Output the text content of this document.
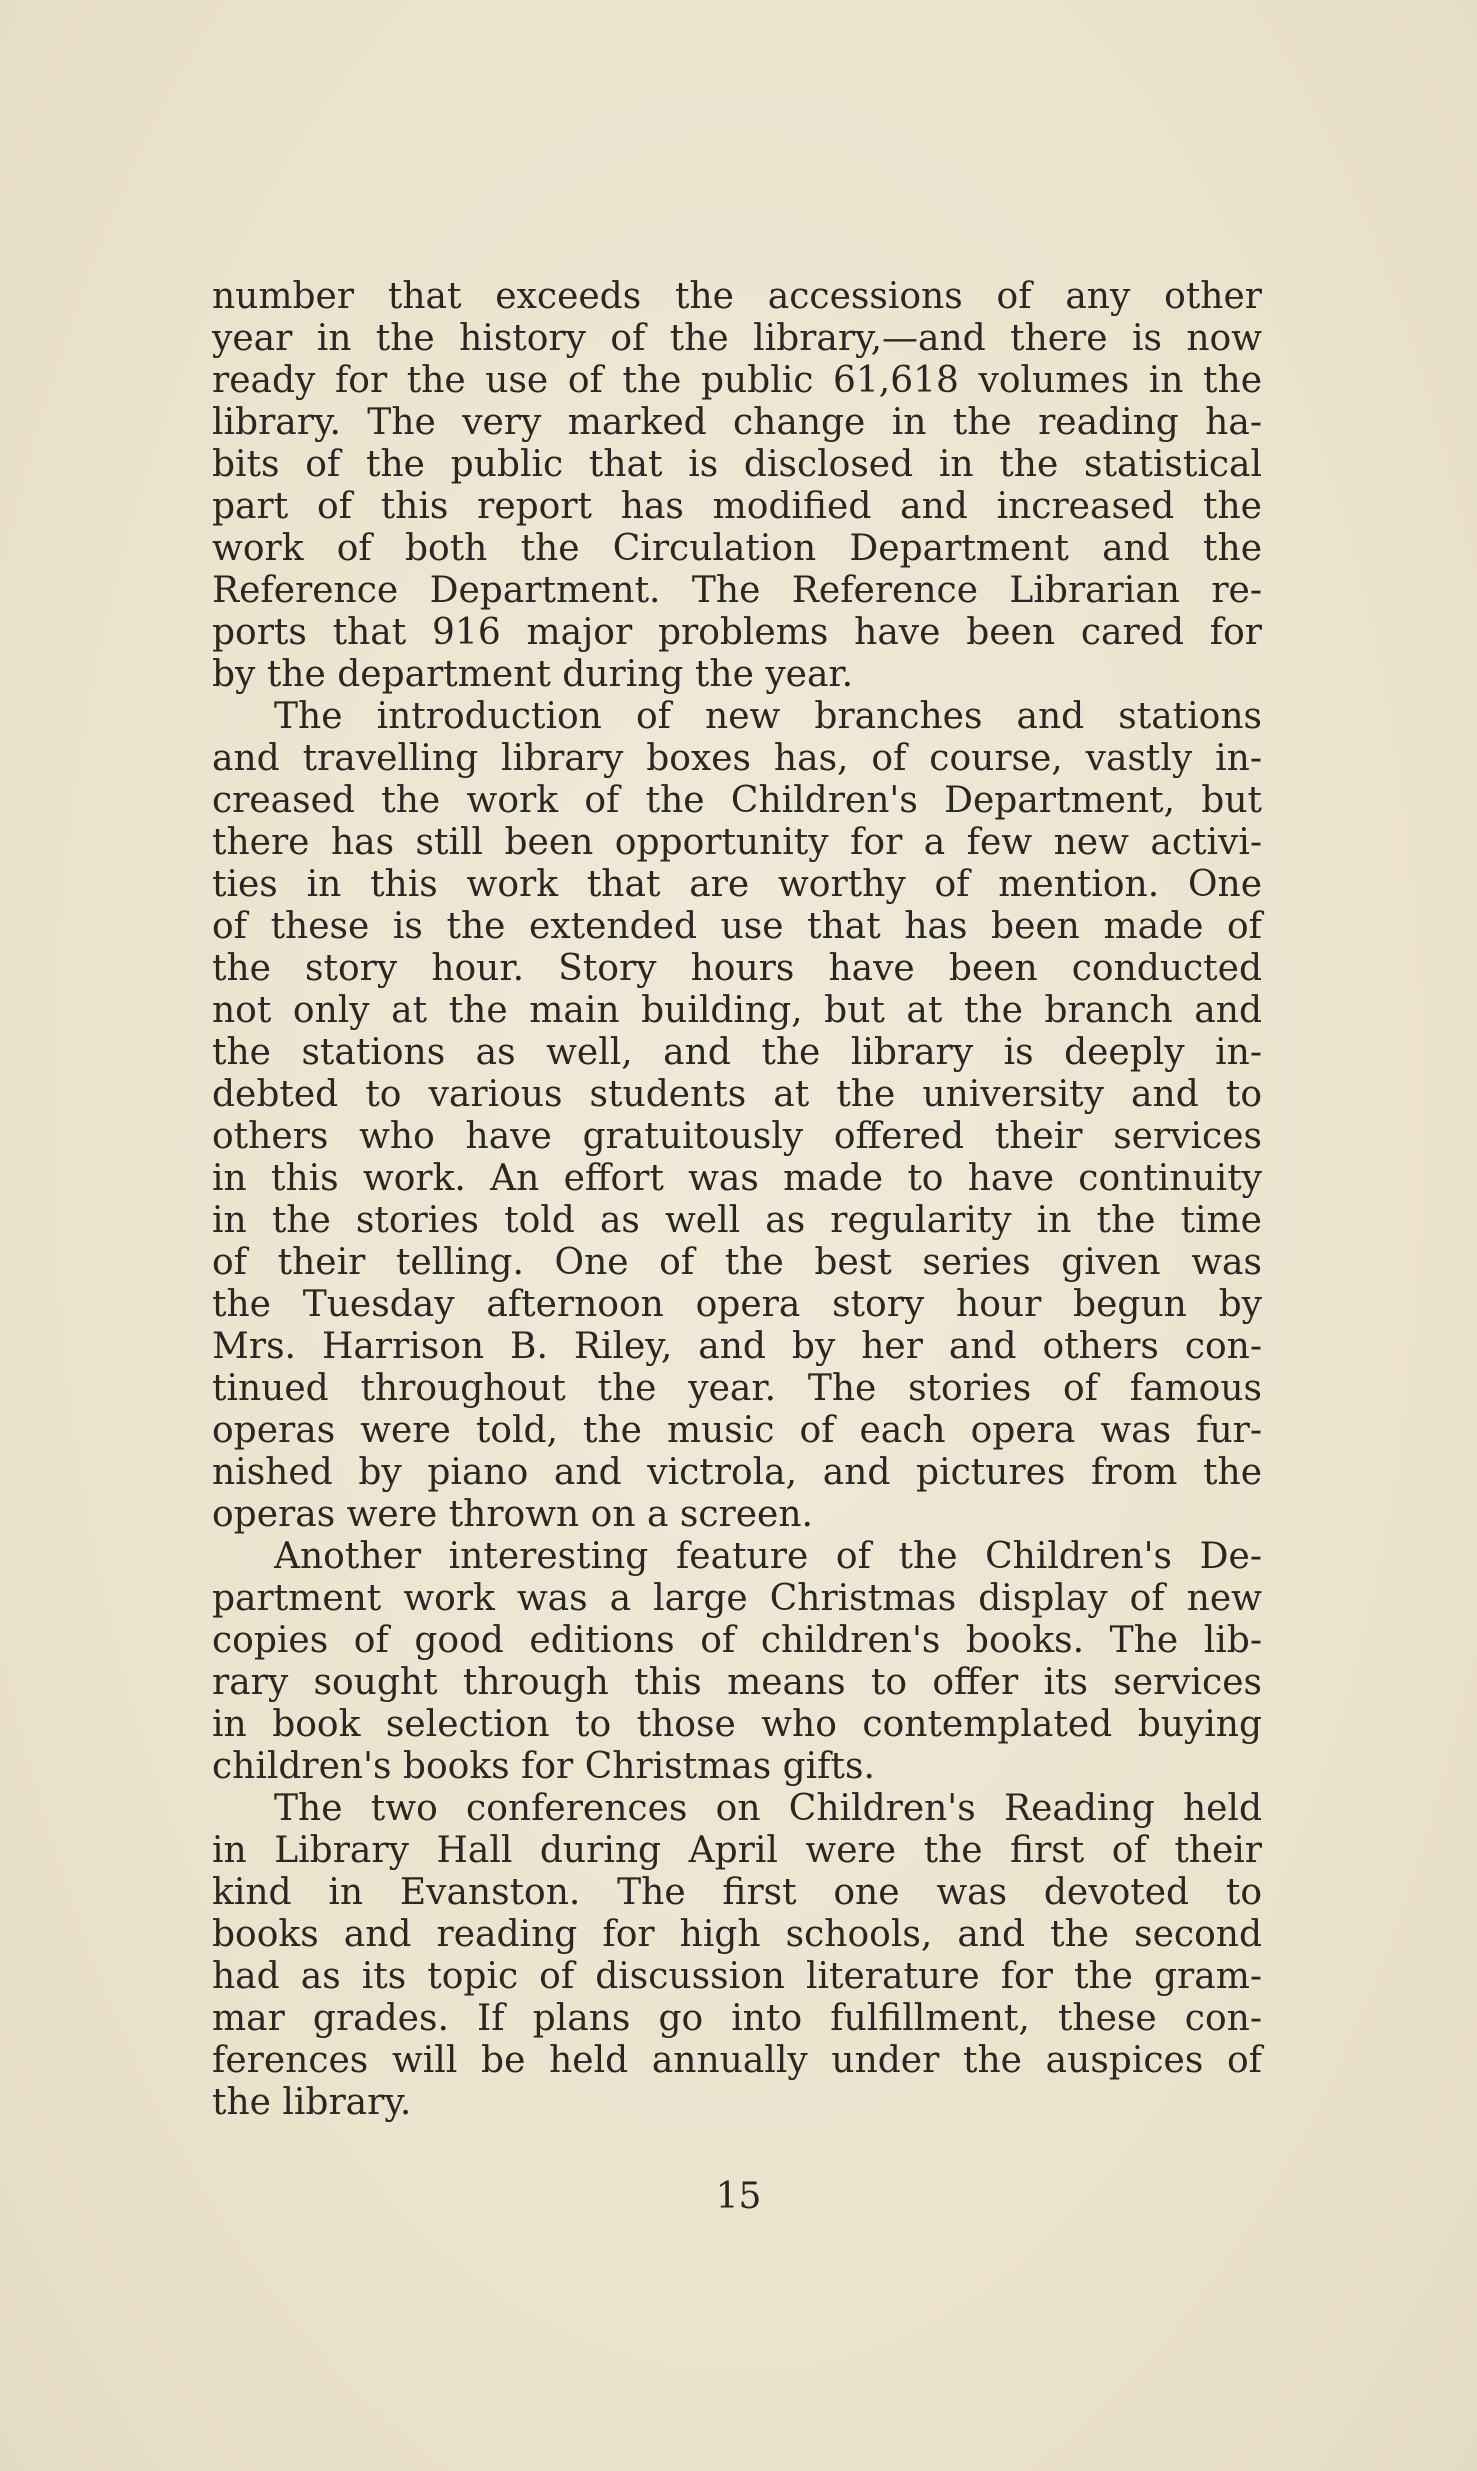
number that exceeds the accessions of any other
year in the history of the library,—and there is now
ready for the use of the public 61,618 volumes in the
library. The very marked change in the reading ha-
bits of the public that is disclosed in the statistical
part of this report has modified and increased the
work of both the Circulation Department and the
Reference Department. The Reference Librarian re-
ports that 916 major problems have been cared for
by the department during the year.
The introduction of new branches and stations
and travelling library boxes has, of course, vastly in-
creased the work of the Children's Department, but
there has still been opportunity for a few new activi-
ties in this work that are worthy of mention. One
of these is the extended use that has been made of
the story hour. Story hours have been conducted
not only at the main building, but at the branch and
the stations as well, and the library is deeply in-
debted to various students at the university and to
others who have gratuitously offered their services
in this work. An effort was made to have continuity
in the stories told as well as regularity in the time
of their telling. One of the best series given was
the Tuesday afternoon opera story hour begun by
Mrs. Harrison B. Riley, and by her and others con-
tinued throughout the year. The stories of famous
operas were told, the music of each opera was fur-
nished by piano and victrola, and pictures from the
operas were thrown on a screen.
Another interesting feature of the Children's De-
partment work was a large Christmas display of new
copies of good editions of children's books. The lib-
rary sought through this means to offer its services
in book selection to those who contemplated buying
children's books for Christmas gifts.
The two conferences on Children's Reading held
in Library Hall during April were the first of their
kind in Evanston. The first one was devoted to
books and reading for high schools, and the second
had as its topic of discussion literature for the gram-
mar grades. If plans go into fulfillment, these con-
ferences will be held annually under the auspices of
the library.
15
